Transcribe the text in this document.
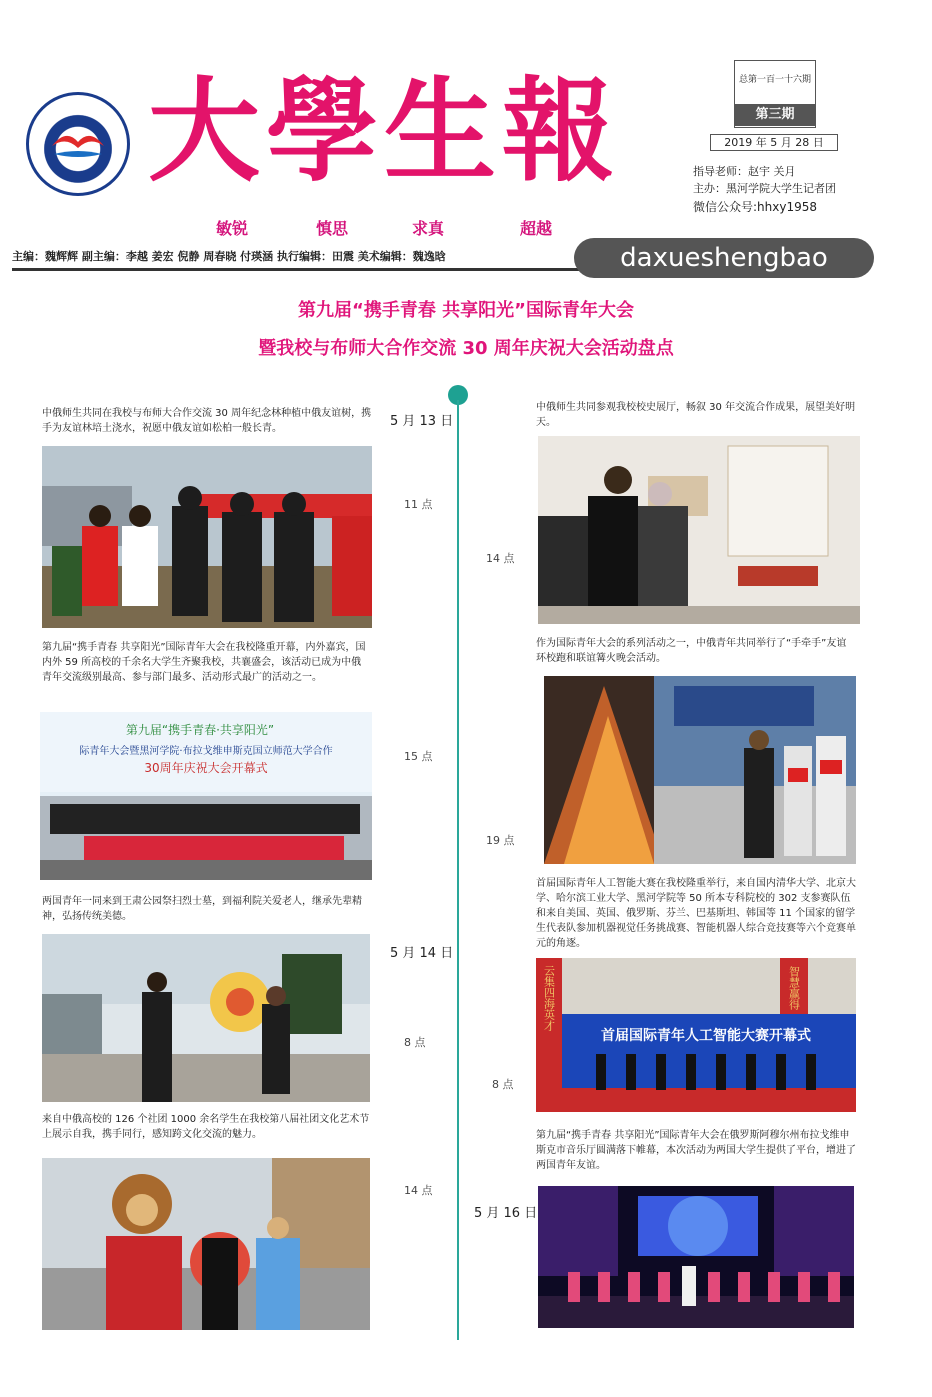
大學生報
敏锐	慎思	求真	超越
总第一百一十六期
第三期
2019 年 5 月 28 日
指导老师：赵宇 关月
主办：黑河学院大学生记者团
微信公众号:hhxy1958
主编：魏辉辉 副主编：李越 姜宏 倪静 周春晓 付瑛涵 执行编辑：田震 美术编辑：魏逸晗	daxueshengbao
第九届“携手青春 共享阳光”国际青年大会
暨我校与布师大合作交流 30 周年庆祝大会活动盘点
5 月 13 日
5 月 14 日
5 月 16 日
11 点
15 点
8 点
14 点
14 点
19 点
8 点
中俄师生共同在我校与布师大合作交流 30 周年纪念林种植中俄友谊树，携手为友谊林培土浇水，祝愿中俄友谊如松柏一般长青。
第九届“携手青春 共享阳光”国际青年大会在我校隆重开幕，内外嘉宾，国内外 59 所高校的千余名大学生齐聚我校，共襄盛会，该活动已成为中俄青年交流级别最高、参与部门最多、活动形式最广的活动之一。
两国青年一同来到王肃公园祭扫烈士墓，到福利院关爱老人，继承先辈精神，弘扬传统美德。
来自中俄高校的 126 个社团 1000 余名学生在我校第八届社团文化艺术节上展示自我，携手同行，感知跨文化交流的魅力。
中俄师生共同参观我校校史展厅，畅叙 30 年交流合作成果，展望美好明天。
作为国际青年大会的系列活动之一，中俄青年共同举行了“手牵手”友谊环校跑和联谊篝火晚会活动。
首届国际青年人工智能大赛在我校隆重举行，来自国内清华大学、北京大学、哈尔滨工业大学、黑河学院等 50 所本专科院校的 302 支参赛队伍和来自美国、英国、俄罗斯、芬兰、巴基斯坦、韩国等 11 个国家的留学生代表队参加机器视觉任务挑战赛、智能机器人综合竞技赛等六个竞赛单元的角逐。
第九届“携手青春 共享阳光”国际青年大会在俄罗斯阿穆尔州布拉戈维申斯克市音乐厅圆满落下帷幕，本次活动为两国大学生提供了平台，增进了两国青年友谊。
第九届“携手青春·共享阳光”
际青年大会暨黑河学院·布拉戈维申斯克国立师范大学合作
30周年庆祝大会开幕式
云集四海英才	智慧赢得
首届国际青年人工智能大赛开幕式
